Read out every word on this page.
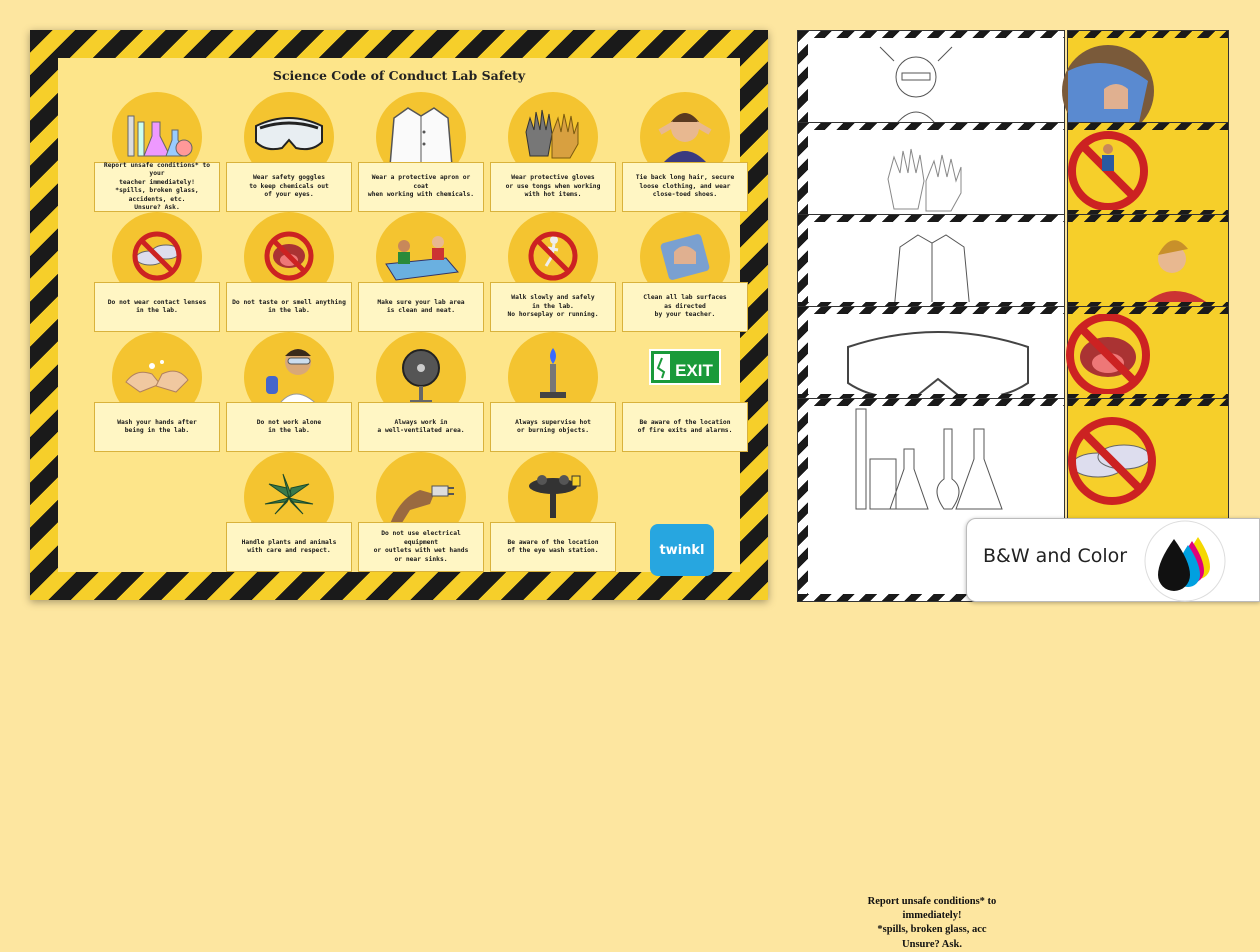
Science Code of Conduct Lab Safety
Report unsafe conditions* to your
teacher immediately!
*spills, broken glass, accidents, etc.
Unsure? Ask.
Wear safety goggles
to keep chemicals out
of your eyes.
Wear a protective apron or coat
when working with chemicals.
Wear protective gloves
or use tongs when working
with hot items.
Tie back long hair, secure
loose clothing, and wear
close-toed shoes.
Do not wear contact lenses
in the lab.
Do not taste or smell anything
in the lab.
Make sure your lab area
is clean and neat.
Walk slowly and safely
in the lab.
No horseplay or running.
Clean all lab surfaces
as directed
by your teacher.
Wash your hands after
being in the lab.
Do not work alone
in the lab.
Always work in
a well-ventilated area.
Always supervise hot
or burning objects.
EXIT
Be aware of the location
of fire exits and alarms.
Handle plants and animals
with care and respect.
Do not use electrical equipment
or outlets with wet hands
or near sinks.
Be aware of the location
of the eye wash station.	twinkl
Report unsafe conditions* to
immediately!
*spills, broken glass, acc
Unsure? Ask.
B&W and Color
